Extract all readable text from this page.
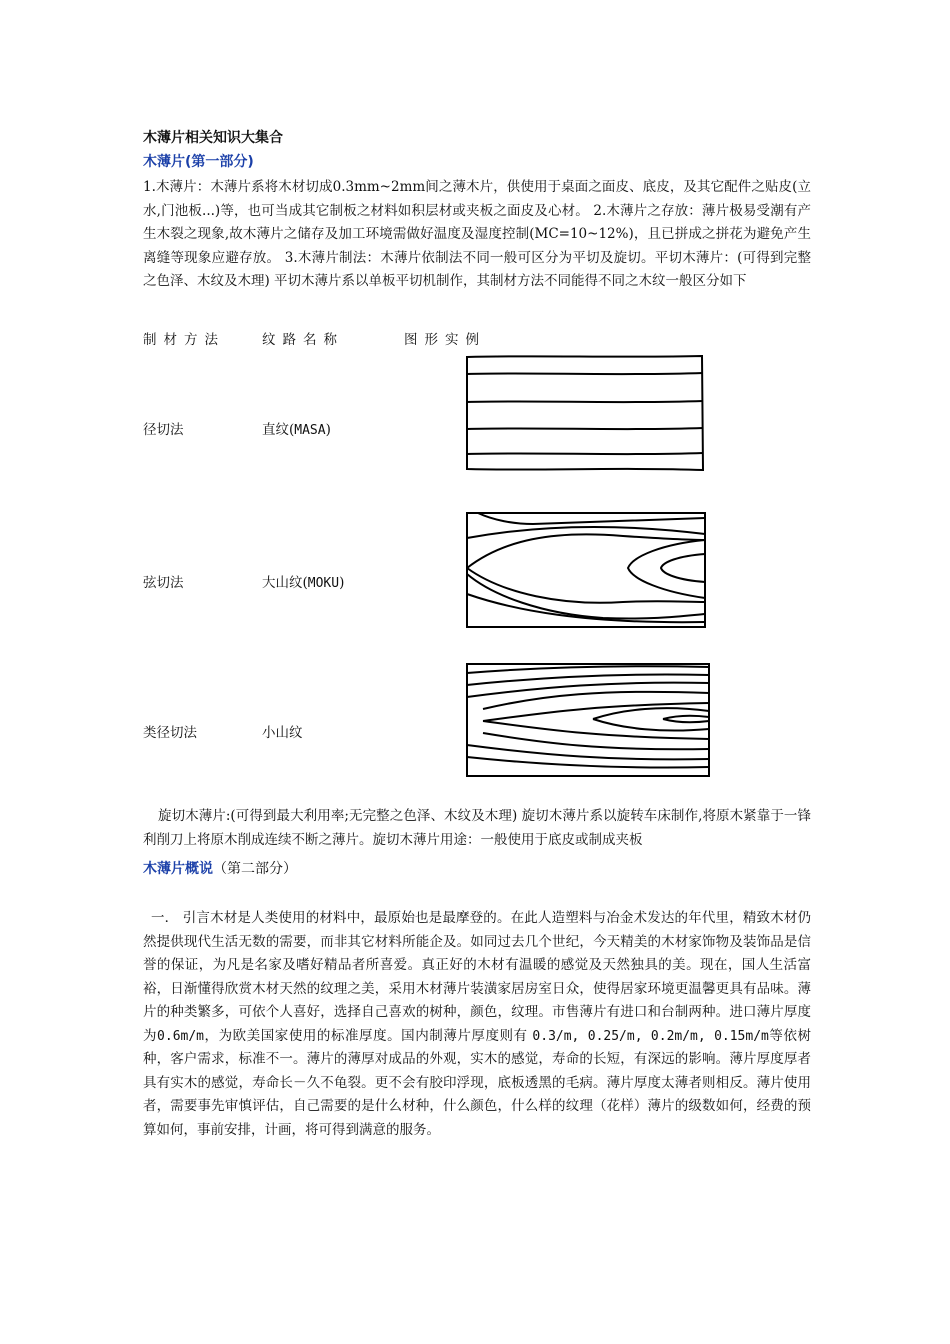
木薄片相关知识大集合
木薄片(第一部分)
1.木薄片：木薄片系将木材切成0.3mm~2mm间之薄木片，供使用于桌面之面皮、底皮，及其它配件之贴皮(立水,门池板...)等，也可当成其它制板之材料如积层材或夹板之面皮及心材。 2.木薄片之存放：薄片极易受潮有产生木裂之现象,故木薄片之储存及加工环境需做好温度及湿度控制(MC=10~12%)，且已拼成之拼花为避免产生离缝等现象应避存放。 3.木薄片制法：木薄片依制法不同一般可区分为平切及旋切。平切木薄片：(可得到完整之色泽、木纹及木理) 平切木薄片系以单板平切机制作，其制材方法不同能得不同之木纹一般区分如下
制材方法	纹路名称	图形实例
径切法	直纹(MASA)
弦切法	大山纹(MOKU)
类径切法	小山纹
旋切木薄片:(可得到最大利用率;无完整之色泽、木纹及木理) 旋切木薄片系以旋转车床制作,将原木紧靠于一锋利削刀上将原木削成连续不断之薄片。旋切木薄片用途：一般使用于底皮或制成夹板
木薄片概说（第二部分）
一． 引言木材是人类使用的材料中，最原始也是最摩登的。在此人造塑料与冶金术发达的年代里，精致木材仍然提供现代生活无数的需要，而非其它材料所能企及。如同过去几个世纪，今天精美的木材家饰物及装饰品是信誉的保证，为凡是名家及嗜好精品者所喜爱。真正好的木材有温暖的感觉及天然独具的美。现在，国人生活富裕，日渐懂得欣赏木材天然的纹理之美，采用木材薄片装潢家居房室日众，使得居家环境更温馨更具有品味。薄片的种类繁多，可依个人喜好，选择自己喜欢的树种，颜色，纹理。市售薄片有进口和台制两种。进口薄片厚度为0.6m/m，为欧美国家使用的标准厚度。国内制薄片厚度则有 0.3/m, 0.25/m, 0.2m/m, 0.15m/m等依树种，客户需求，标准不一。薄片的薄厚对成品的外观，实木的感觉，寿命的长短，有深远的影响。薄片厚度厚者具有实木的感觉，寿命长－久不龟裂。更不会有胶印浮现，底板透黑的毛病。薄片厚度太薄者则相反。薄片使用者，需要事先审慎评估，自己需要的是什么材种，什么颜色，什么样的纹理（花样）薄片的级数如何，经费的预算如何，事前安排，计画，将可得到满意的服务。
